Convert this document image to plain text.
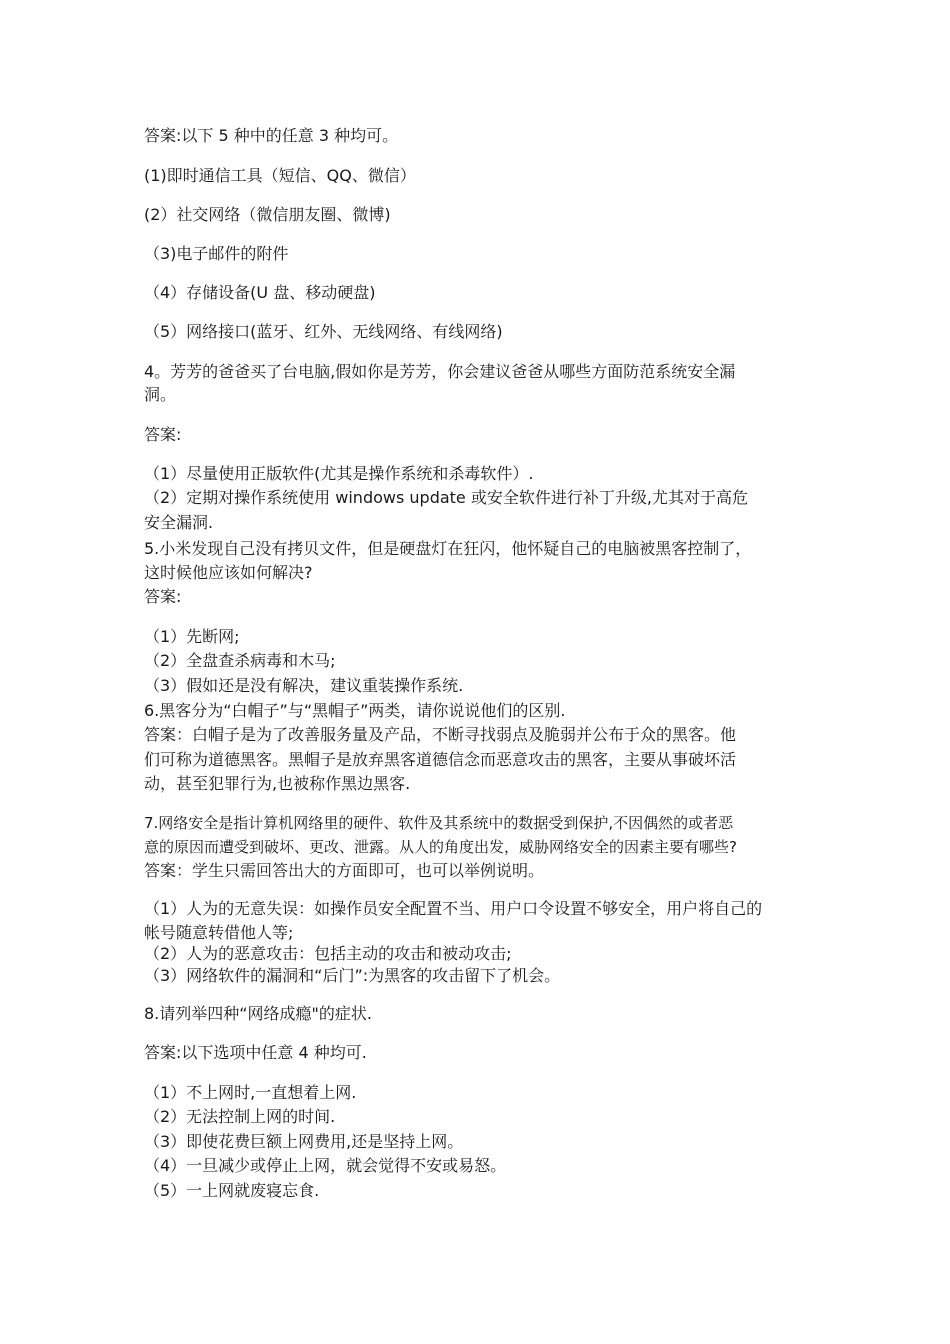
答案:以下 5 种中的任意 3 种均可。
(1)即时通信工具（短信、QQ、微信）
(2）社交网络（微信朋友圈、微博)
（3)电子邮件的附件
（4）存储设备(U 盘、移动硬盘)
（5）网络接口(蓝牙、红外、无线网络、有线网络)
4。芳芳的爸爸买了台电脑,假如你是芳芳，你会建议爸爸从哪些方面防范系统安全漏
洞。
答案:
（1）尽量使用正版软件(尤其是操作系统和杀毒软件）.
（2）定期对操作系统使用 windows update 或安全软件进行补丁升级,尤其对于高危
安全漏洞.
5.小米发现自己没有拷贝文件，但是硬盘灯在狂闪，他怀疑自己的电脑被黑客控制了，
这时候他应该如何解决?
答案:
（1）先断网;
（2）全盘查杀病毒和木马;
（3）假如还是没有解决，建议重装操作系统.
6.黑客分为“白帽子”与“黑帽子”两类，请你说说他们的区别.
答案：白帽子是为了改善服务量及产品，不断寻找弱点及脆弱并公布于众的黑客。他
们可称为道德黑客。黑帽子是放弃黑客道德信念而恶意攻击的黑客，主要从事破坏活
动，甚至犯罪行为,也被称作黑边黑客.
7.网络安全是指计算机网络里的硬件、软件及其系统中的数据受到保护,不因偶然的或者恶
意的原因而遭受到破坏、更改、泄露。从人的角度出发，威胁网络安全的因素主要有哪些?
答案：学生只需回答出大的方面即可，也可以举例说明。
（1）人为的无意失误：如操作员安全配置不当、用户口令设置不够安全，用户将自己的
帐号随意转借他人等;
（2）人为的恶意攻击：包括主动的攻击和被动攻击;
（3）网络软件的漏洞和“后门”:为黑客的攻击留下了机会。
8.请列举四种“网络成瘾"的症状.
答案:以下选项中任意 4 种均可.
（1）不上网时,一直想着上网.
（2）无法控制上网的时间.
（3）即使花费巨额上网费用,还是坚持上网。
（4）一旦减少或停止上网，就会觉得不安或易怒。
（5）一上网就废寝忘食.
